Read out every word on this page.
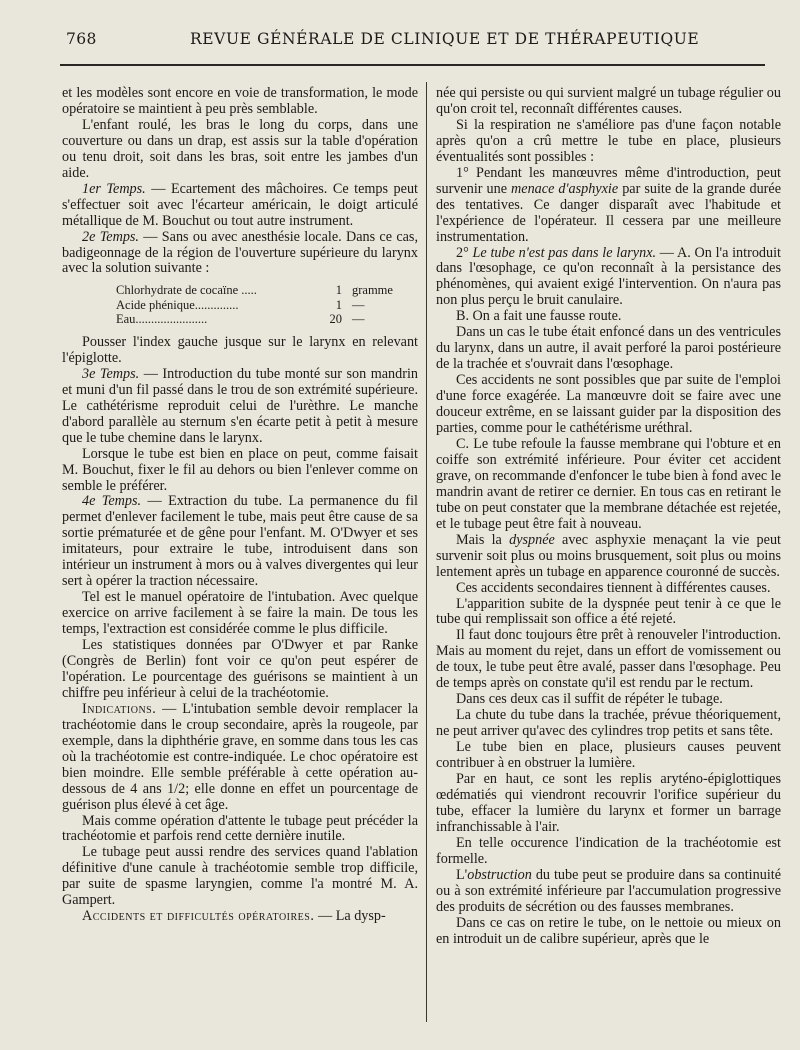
768	REVUE GÉNÉRALE DE CLINIQUE ET DE THÉRAPEUTIQUE

et les modèles sont encore en voie de transformation, le mode opératoire se maintient à peu près semblable.

L'enfant roulé, les bras le long du corps, dans une couverture ou dans un drap, est assis sur la table d'opération ou tenu droit, soit dans les bras, soit entre les jambes d'un aide.

1er Temps. — Ecartement des mâchoires. Ce temps peut s'effectuer soit avec l'écarteur américain, le doigt articulé métallique de M. Bouchut ou tout autre instrument.

2e Temps. — Sans ou avec anesthésie locale. Dans ce cas, badigeonnage de la région de l'ouverture supérieure du larynx avec la solution suivante :

Chlorhydrate de cocaïne .....	1 gramme
Acide phénique..............	1 —
Eau.......................	20 —

Pousser l'index gauche jusque sur le larynx en relevant l'épiglotte.

3e Temps. — Introduction du tube monté sur son mandrin et muni d'un fil passé dans le trou de son extrémité supérieure. Le cathétérisme reproduit celui de l'urèthre. Le manche d'abord parallèle au sternum s'en écarte petit à petit à mesure que le tube chemine dans le larynx.

Lorsque le tube est bien en place on peut, comme faisait M. Bouchut, fixer le fil au dehors ou bien l'enlever comme on semble le préférer.

4e Temps. — Extraction du tube. La permanence du fil permet d'enlever facilement le tube, mais peut être cause de sa sortie prématurée et de gêne pour l'enfant. M. O'Dwyer et ses imitateurs, pour extraire le tube, introduisent dans son intérieur un instrument à mors ou à valves divergentes qui leur sert à opérer la traction nécessaire.

Tel est le manuel opératoire de l'intubation. Avec quelque exercice on arrive facilement à se faire la main. De tous les temps, l'extraction est considérée comme le plus difficile.

Les statistiques données par O'Dwyer et par Ranke (Congrès de Berlin) font voir ce qu'on peut espérer de l'opération. Le pourcentage des guérisons se maintient à un chiffre peu inférieur à celui de la trachéotomie.

Indications. — L'intubation semble devoir remplacer la trachéotomie dans le croup secondaire, après la rougeole, par exemple, dans la diphthérie grave, en somme dans tous les cas où la trachéotomie est contre-indiquée. Le choc opératoire est bien moindre. Elle semble préférable à cette opération au-dessous de 4 ans 1/2; elle donne en effet un pourcentage de guérison plus élevé à cet âge.

Mais comme opération d'attente le tubage peut précéder la trachéotomie et parfois rend cette dernière inutile.

Le tubage peut aussi rendre des services quand l'ablation définitive d'une canule à trachéotomie semble trop difficile, par suite de spasme laryngien, comme l'a montré M. A. Gampert.

Accidents et difficultés opératoires. — La dysp-

née qui persiste ou qui survient malgré un tubage régulier ou qu'on croit tel, reconnaît différentes causes.

Si la respiration ne s'améliore pas d'une façon notable après qu'on a crû mettre le tube en place, plusieurs éventualités sont possibles :

1° Pendant les manœuvres même d'introduction, peut survenir une menace d'asphyxie par suite de la grande durée des tentatives. Ce danger disparaît avec l'habitude et l'expérience de l'opérateur. Il cessera par une meilleure instrumentation.

2° Le tube n'est pas dans le larynx. — A. On l'a introduit dans l'œsophage, ce qu'on reconnaît à la persistance des phénomènes, qui avaient exigé l'intervention. On n'aura pas non plus perçu le bruit canulaire.

B. On a fait une fausse route.

Dans un cas le tube était enfoncé dans un des ventricules du larynx, dans un autre, il avait perforé la paroi postérieure de la trachée et s'ouvrait dans l'œsophage.

Ces accidents ne sont possibles que par suite de l'emploi d'une force exagérée. La manœuvre doit se faire avec une douceur extrême, en se laissant guider par la disposition des parties, comme pour le cathétérisme uréthral.

C. Le tube refoule la fausse membrane qui l'obture et en coiffe son extrémité inférieure. Pour éviter cet accident grave, on recommande d'enfoncer le tube bien à fond avec le mandrin avant de retirer ce dernier. En tous cas en retirant le tube on peut constater que la membrane détachée est rejetée, et le tubage peut être fait à nouveau.

Mais la dyspnée avec asphyxie menaçant la vie peut survenir soit plus ou moins brusquement, soit plus ou moins lentement après un tubage en apparence couronné de succès.

Ces accidents secondaires tiennent à différentes causes.

L'apparition subite de la dyspnée peut tenir à ce que le tube qui remplissait son office a été rejeté.

Il faut donc toujours être prêt à renouveler l'introduction. Mais au moment du rejet, dans un effort de vomissement ou de toux, le tube peut être avalé, passer dans l'œsophage. Peu de temps après on constate qu'il est rendu par le rectum.

Dans ces deux cas il suffit de répéter le tubage.

La chute du tube dans la trachée, prévue théoriquement, ne peut arriver qu'avec des cylindres trop petits et sans tête.

Le tube bien en place, plusieurs causes peuvent contribuer à en obstruer la lumière.

Par en haut, ce sont les replis aryténo-épiglottiques œdématiés qui viendront recouvrir l'orifice supérieur du tube, effacer la lumière du larynx et former un barrage infranchissable à l'air.

En telle occurence l'indication de la trachéotomie est formelle.

L'obstruction du tube peut se produire dans sa continuité ou à son extrémité inférieure par l'accumulation progressive des produits de sécrétion ou des fausses membranes.

Dans ce cas on retire le tube, on le nettoie ou mieux on en introduit un de calibre supérieur, après que le
